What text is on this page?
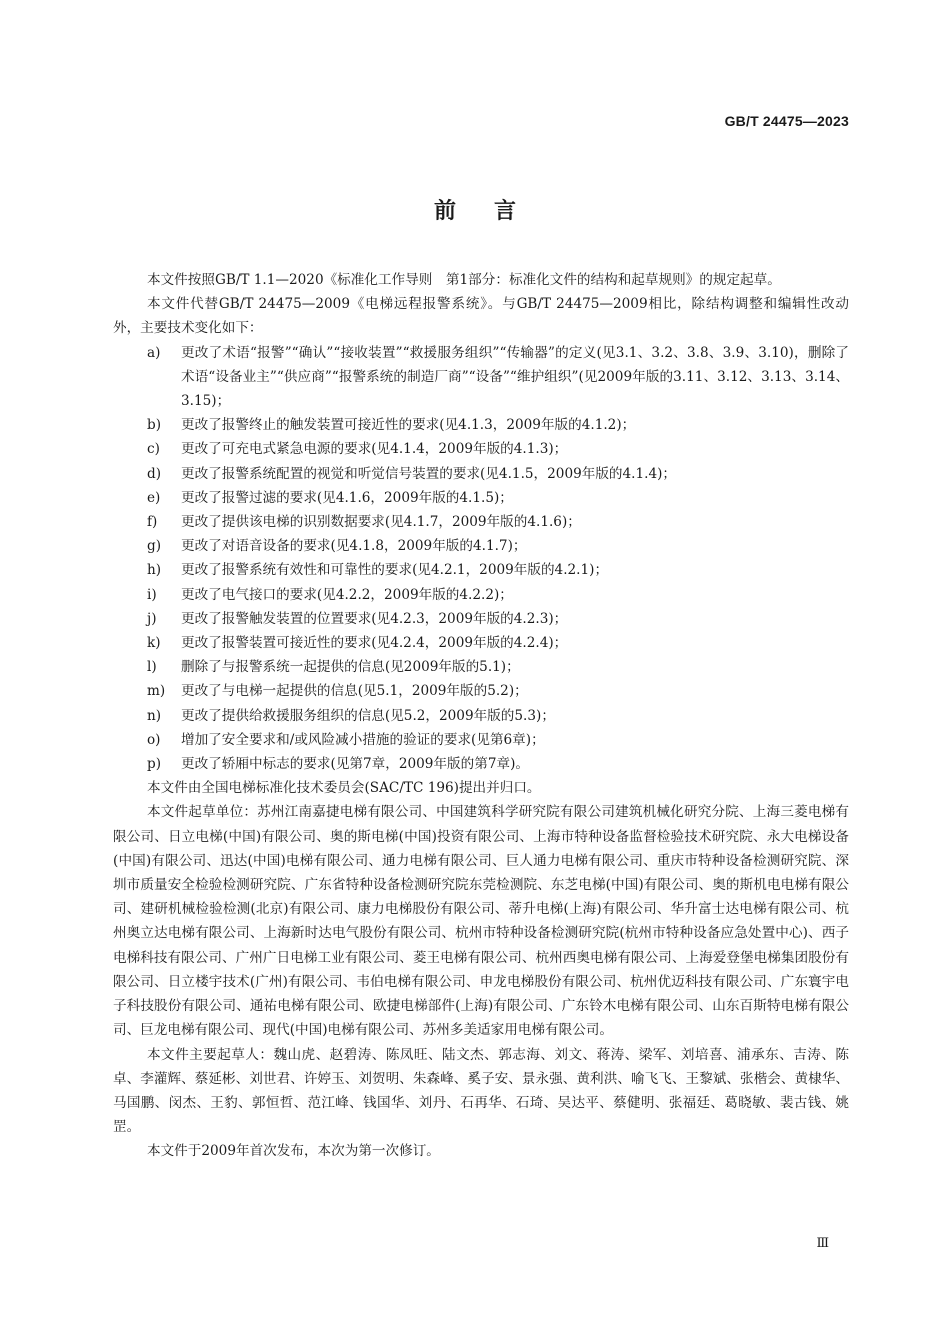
GB/T 24475—2023
前言

本文件按照GB/T 1.1—2020《标准化工作导则　第1部分：标准化文件的结构和起草规则》的规定起草。

本文件代替GB/T 24475—2009《电梯远程报警系统》。与GB/T 24475—2009相比，除结构调整和编辑性改动外，主要技术变化如下：

a)	更改了术语“报警”“确认”“接收装置”“救援服务组织”“传输器”的定义(见3.1、3.2、3.8、3.9、3.10)，删除了术语“设备业主”“供应商”“报警系统的制造厂商”“设备”“维护组织”(见2009年版的3.11、3.12、3.13、3.14、3.15)；
b)	更改了报警终止的触发装置可接近性的要求(见4.1.3，2009年版的4.1.2)；
c)	更改了可充电式紧急电源的要求(见4.1.4，2009年版的4.1.3)；
d)	更改了报警系统配置的视觉和听觉信号装置的要求(见4.1.5，2009年版的4.1.4)；
e)	更改了报警过滤的要求(见4.1.6，2009年版的4.1.5)；
f)	更改了提供该电梯的识别数据要求(见4.1.7，2009年版的4.1.6)；
g)	更改了对语音设备的要求(见4.1.8，2009年版的4.1.7)；
h)	更改了报警系统有效性和可靠性的要求(见4.2.1，2009年版的4.2.1)；
i)	更改了电气接口的要求(见4.2.2，2009年版的4.2.2)；
j)	更改了报警触发装置的位置要求(见4.2.3，2009年版的4.2.3)；
k)	更改了报警装置可接近性的要求(见4.2.4，2009年版的4.2.4)；
l)	删除了与报警系统一起提供的信息(见2009年版的5.1)；
m)	更改了与电梯一起提供的信息(见5.1，2009年版的5.2)；
n)	更改了提供给救援服务组织的信息(见5.2，2009年版的5.3)；
o)	增加了安全要求和/或风险减小措施的验证的要求(见第6章)；
p)	更改了轿厢中标志的要求(见第7章，2009年版的第7章)。

本文件由全国电梯标准化技术委员会(SAC/TC 196)提出并归口。

本文件起草单位：苏州江南嘉捷电梯有限公司、中国建筑科学研究院有限公司建筑机械化研究分院、上海三菱电梯有限公司、日立电梯(中国)有限公司、奥的斯电梯(中国)投资有限公司、上海市特种设备监督检验技术研究院、永大电梯设备(中国)有限公司、迅达(中国)电梯有限公司、通力电梯有限公司、巨人通力电梯有限公司、重庆市特种设备检测研究院、深圳市质量安全检验检测研究院、广东省特种设备检测研究院东莞检测院、东芝电梯(中国)有限公司、奥的斯机电电梯有限公司、建研机械检验检测(北京)有限公司、康力电梯股份有限公司、蒂升电梯(上海)有限公司、华升富士达电梯有限公司、杭州奥立达电梯有限公司、上海新时达电气股份有限公司、杭州市特种设备检测研究院(杭州市特种设备应急处置中心)、西子电梯科技有限公司、广州广日电梯工业有限公司、菱王电梯有限公司、杭州西奥电梯有限公司、上海爱登堡电梯集团股份有限公司、日立楼宇技术(广州)有限公司、韦伯电梯有限公司、申龙电梯股份有限公司、杭州优迈科技有限公司、广东寰宇电子科技股份有限公司、通祐电梯有限公司、欧捷电梯部件(上海)有限公司、广东铃木电梯有限公司、山东百斯特电梯有限公司、巨龙电梯有限公司、现代(中国)电梯有限公司、苏州多美适家用电梯有限公司。

本文件主要起草人：魏山虎、赵碧涛、陈凤旺、陆文杰、郭志海、刘文、蒋涛、梁军、刘培喜、浦承东、吉涛、陈卓、李灌辉、蔡延彬、刘世君、许婷玉、刘贺明、朱森峰、奚子安、景永强、黄利洪、喻飞飞、王黎斌、张楷会、黄棣华、马国鹏、闵杰、王豹、郭恒哲、范江峰、钱国华、刘丹、石再华、石琦、吴达平、蔡健明、张福廷、葛晓敏、裴古钱、姚罡。

本文件于2009年首次发布，本次为第一次修订。

Ⅲ
